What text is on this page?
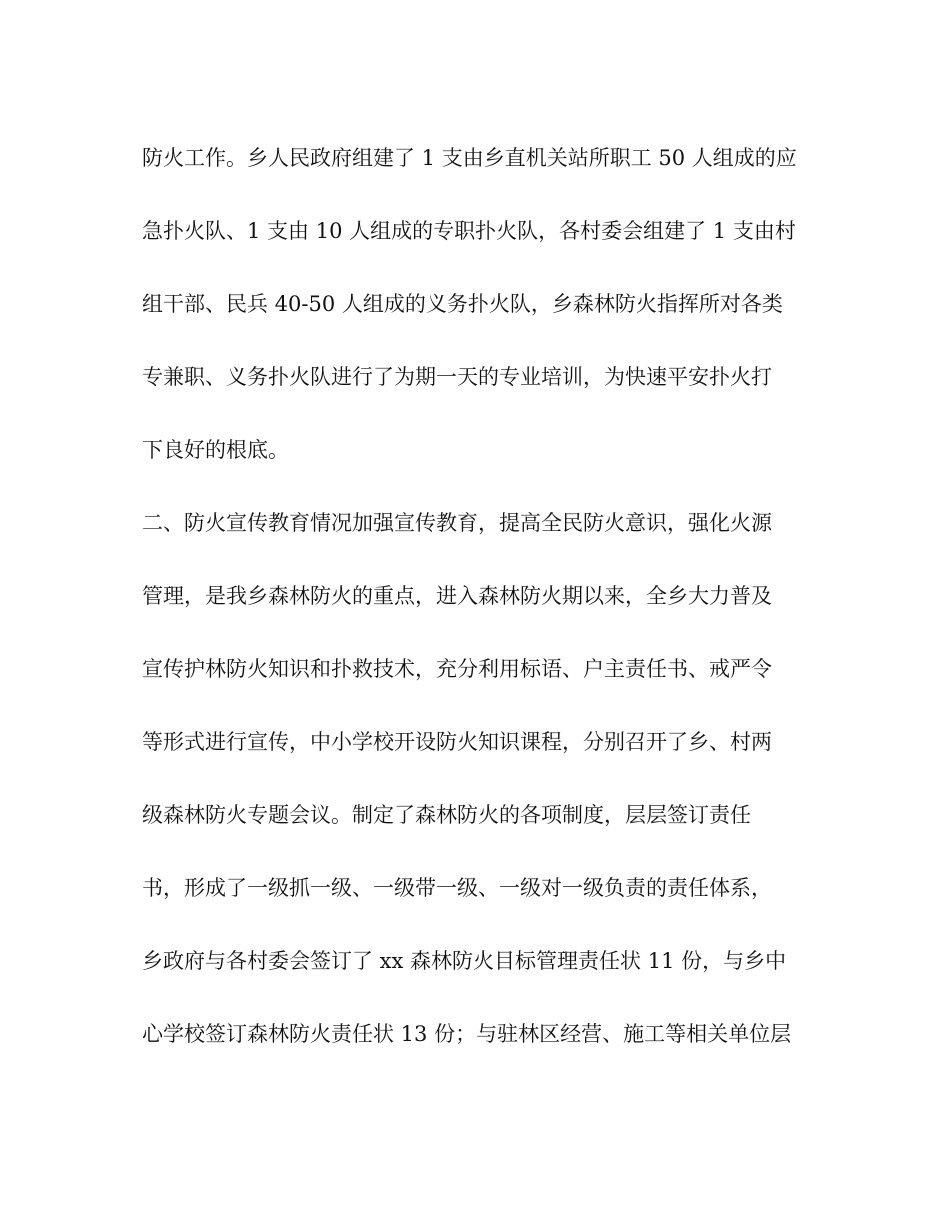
防火工作。乡人民政府组建了 1 支由乡直机关站所职工 50 人组成的应
急扑火队、1 支由 10 人组成的专职扑火队，各村委会组建了 1 支由村
组干部、民兵 40-50 人组成的义务扑火队，乡森林防火指挥所对各类
专兼职、义务扑火队进行了为期一天的专业培训，为快速平安扑火打
下良好的根底。
二、防火宣传教育情况加强宣传教育，提高全民防火意识，强化火源
管理，是我乡森林防火的重点，进入森林防火期以来，全乡大力普及
宣传护林防火知识和扑救技术，充分利用标语、户主责任书、戒严令
等形式进行宣传，中小学校开设防火知识课程，分别召开了乡、村两
级森林防火专题会议。制定了森林防火的各项制度，层层签订责任
书，形成了一级抓一级、一级带一级、一级对一级负责的责任体系，
乡政府与各村委会签订了 xx 森林防火目标管理责任状 11 份，与乡中
心学校签订森林防火责任状 13 份；与驻林区经营、施工等相关单位层
